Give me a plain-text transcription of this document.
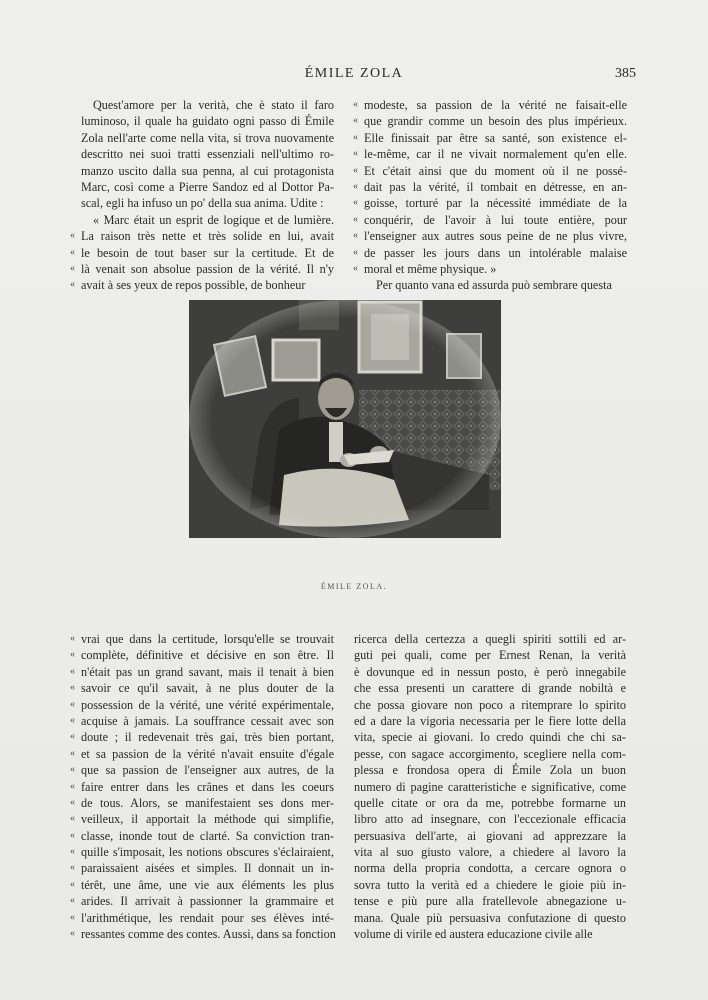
ÉMILE ZOLA	385
Quest'amore per la verità, che è stato il faro
luminoso, il quale ha guidato ogni passo di Émile
Zola nell'arte come nella vita, si trova nuovamente
descritto nei suoi tratti essenziali nell'ultimo ro-
manzo uscito dalla sua penna, al cui protagonista
Marc, così come a Pierre Sandoz ed al Dottor Pa-
scal, egli ha infuso un po' della sua anima. Udite :
« Marc était un esprit de logique et de lumière.
« La raison très nette et très solide en lui, avait
« le besoin de tout baser sur la certitude. Et de
« là venait son absolue passion de la vérité. Il n'y
« avait à ses yeux de repos possible, de bonheur
« modeste, sa passion de la vérité ne faisait-elle
« que grandir comme un besoin des plus impérieux.
« Elle finissait par être sa santé, son existence el-
« le-même, car il ne vivait normalement qu'en elle.
« Et c'était ainsi que du moment où il ne possé-
« dait pas la vérité, il tombait en détresse, en an-
« goisse, torturé par la nécessité immédiate de la
« conquérir, de l'avoir à lui toute entière, pour
« l'enseigner aux autres sous peine de ne plus vivre,
« de passer les jours dans un intolérable malaise
« moral et même physique. »
Per quanto vana ed assurda può sembrare questa
ÉMILE ZOLA.
« vrai que dans la certitude, lorsqu'elle se trouvait
« complète, définitive et décisive en son être. Il
« n'était pas un grand savant, mais il tenait à bien
« savoir ce qu'il savait, à ne plus douter de la
« possession de la vérité, une vérité expérimentale,
« acquise à jamais. La souffrance cessait avec son
« doute ; il redevenait très gai, très bien portant,
« et sa passion de la vérité n'avait ensuite d'égale
« que sa passion de l'enseigner aux autres, de la
« faire entrer dans les crânes et dans les coeurs
« de tous. Alors, se manifestaient ses dons mer-
« veilleux, il apportait la méthode qui simplifie,
« classe, inonde tout de clarté. Sa conviction tran-
« quille s'imposait, les notions obscures s'éclairaient,
« paraissaient aisées et simples. Il donnait un in-
« térêt, une âme, une vie aux éléments les plus
« arides. Il arrivait à passionner la grammaire et
« l'arithmétique, les rendait pour ses élèves inté-
« ressantes comme des contes. Aussi, dans sa fonction
ricerca della certezza a quegli spiriti sottili ed ar-
guti pei quali, come per Ernest Renan, la verità
è dovunque ed in nessun posto, è però innegabile
che essa presenti un carattere di grande nobiltà e
che possa giovare non poco a ritemprare lo spirito
ed a dare la vigoria necessaria per le fiere lotte della
vita, specie ai giovani. Io credo quindi che chi sa-
pesse, con sagace accorgimento, scegliere nella com-
plessa e frondosa opera di Émile Zola un buon
numero di pagine caratteristiche e significative, come
quelle citate or ora da me, potrebbe formarne un
libro atto ad insegnare, con l'eccezionale efficacia
persuasiva dell'arte, ai giovani ad apprezzare la
vita al suo giusto valore, a chiedere al lavoro la
norma della propria condotta, a cercare ognora o
sovra tutto la verità ed a chiedere le gioie più in-
tense e più pure alla fratellevole abnegazione u-
mana. Quale più persuasiva confutazione di questo
volume di virile ed austera educazione civile alle
